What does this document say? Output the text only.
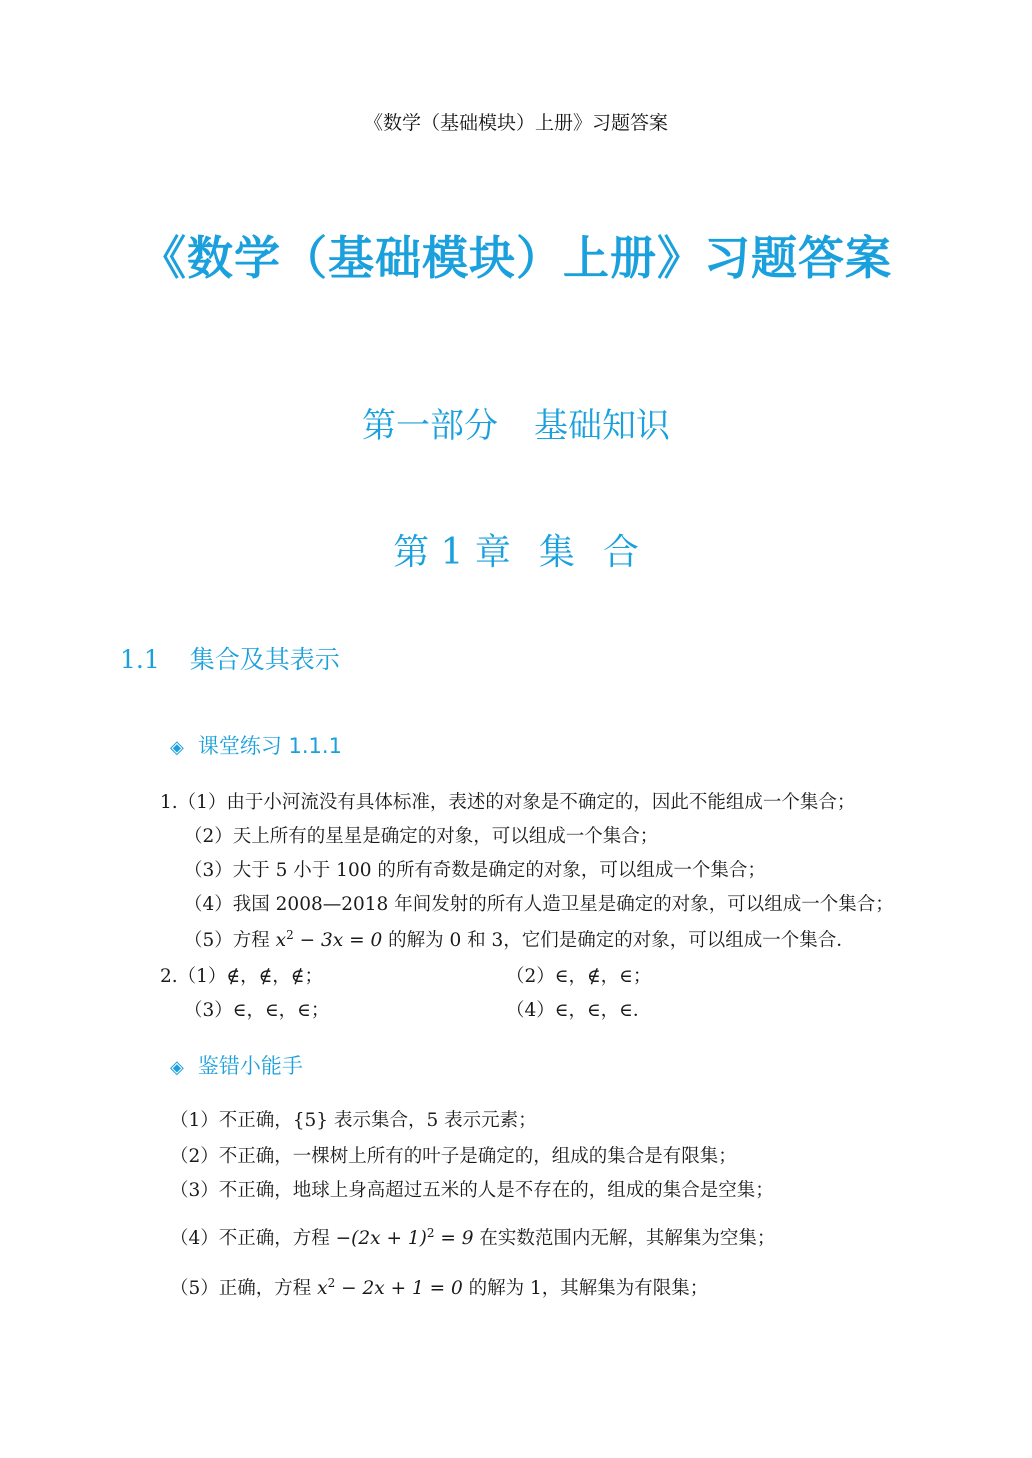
《数学（基础模块）上册》习题答案
《数学（基础模块）上册》习题答案
第一部分 基础知识
第 1 章 集 合
1.1 集合及其表示
◈ 课堂练习 1.1.1
1.（1）由于小河流没有具体标准，表述的对象是不确定的，因此不能组成一个集合；
（2）天上所有的星星是确定的对象，可以组成一个集合；
（3）大于 5 小于 100 的所有奇数是确定的对象，可以组成一个集合；
（4）我国 2008—2018 年间发射的所有人造卫星是确定的对象，可以组成一个集合；
（5）方程 $x^2 - 3x = 0$ 的解为 0 和 3，它们是确定的对象，可以组成一个集合．
2.（1）∉，∉，∉；	（2）∈，∉，∈；
（3）∈，∈，∈；	（4）∈，∈，∈．
◈ 鉴错小能手
（1）不正确，{5} 表示集合，5 表示元素；
（2）不正确，一棵树上所有的叶子是确定的，组成的集合是有限集；
（3）不正确，地球上身高超过五米的人是不存在的，组成的集合是空集；
（4）不正确，方程 $-(2x + 1)^2 = 9$ 在实数范围内无解，其解集为空集；
（5）正确，方程 $x^2 - 2x + 1 = 0$ 的解为 1，其解集为有限集；
